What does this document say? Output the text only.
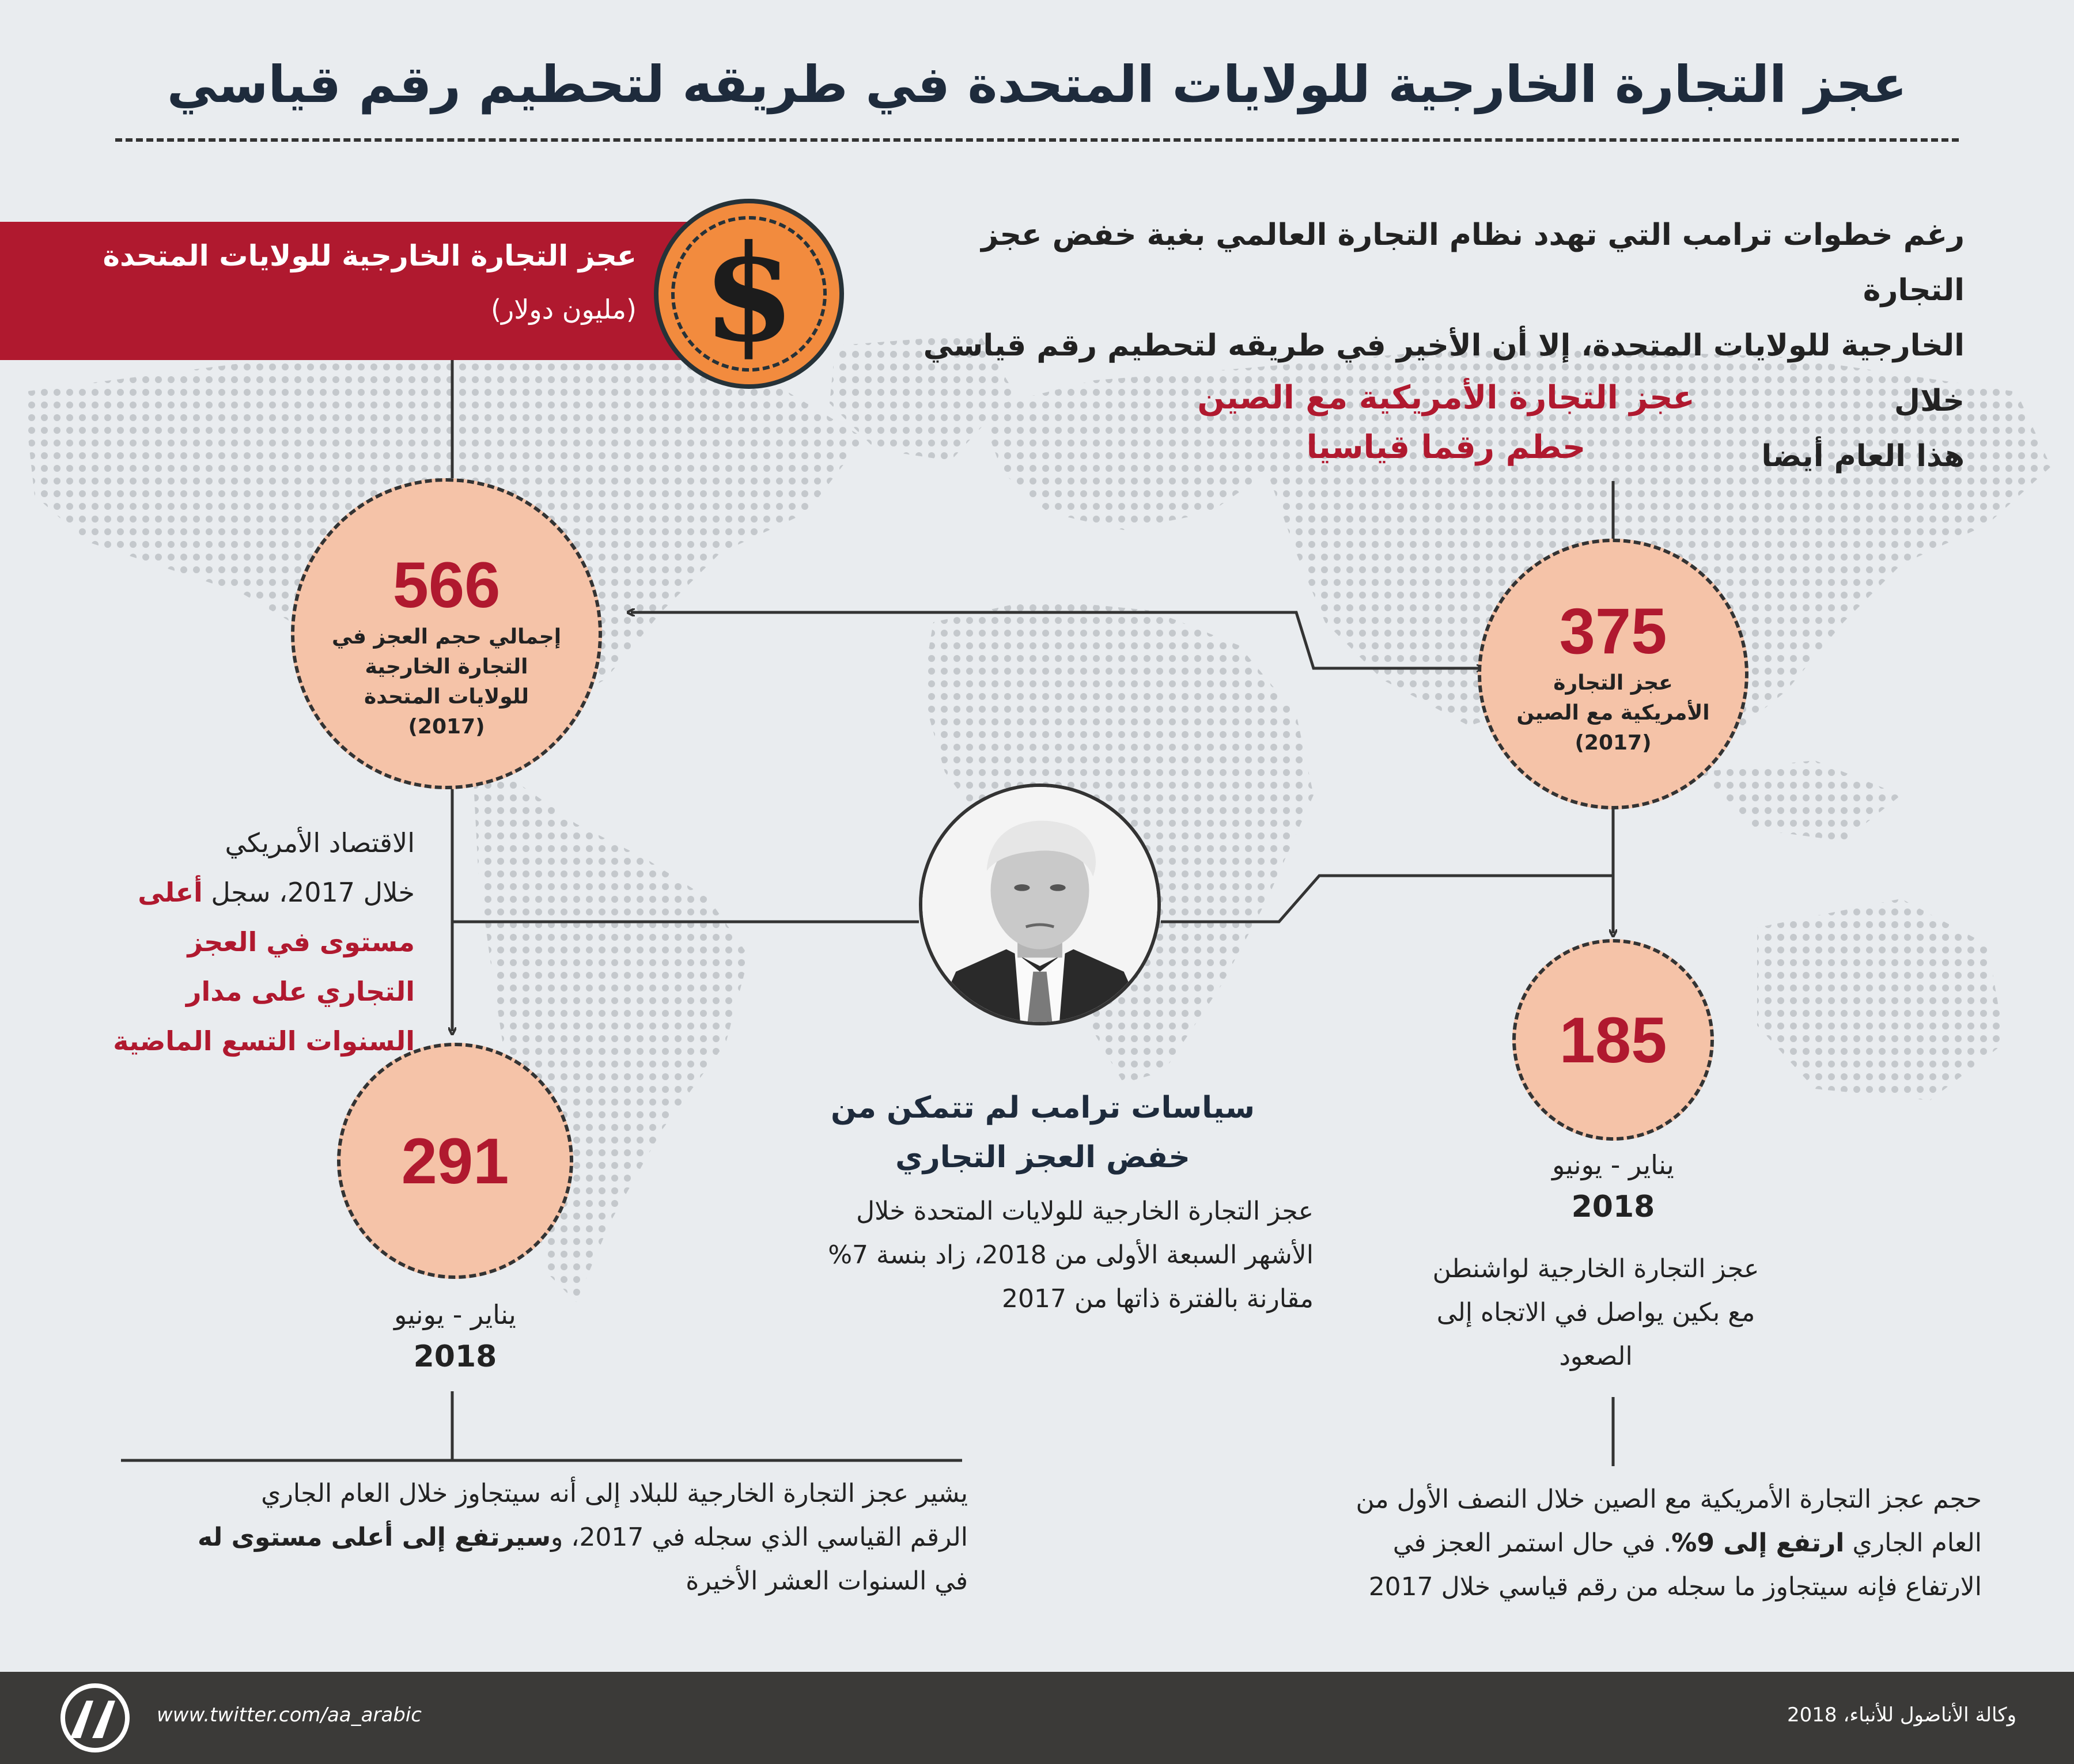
عجز التجارة الخارجية للولايات المتحدة في طريقه لتحطيم رقم قياسي
رغم خطوات ترامب التي تهدد نظام التجارة العالمي بغية خفض عجز التجارة
الخارجية للولايات المتحدة، إلا أن الأخير في طريقه لتحطيم رقم قياسي خلال
هذا العام أيضا
عجز التجارة الخارجية للولايات المتحدة
(مليون دولار) $
566
إجمالي حجم العجز في
التجارة الخارجية
للولايات المتحدة
(2017)
375
عجز التجارة
الأمريكية مع الصين
(2017)
291
يناير - يونيو
2018
185
يناير - يونيو
2018
عجز التجارة الأمريكية مع الصين
حطم رقما قياسيا
الاقتصاد الأمريكي
خلال 2017، سجل أعلى
مستوى في العجز
التجاري على مدار
السنوات التسع الماضية
سياسات ترامب لم تتمكن من
خفض العجز التجاري
عجز التجارة الخارجية للولايات المتحدة خلال
الأشهر السبعة الأولى من 2018، زاد بنسة 7%
مقارنة بالفترة ذاتها من 2017
عجز التجارة الخارجية لواشنطن
مع بكين يواصل في الاتجاه إلى
الصعود
يشير عجز التجارة الخارجية للبلاد إلى أنه سيتجاوز خلال العام الجاري
الرقم القياسي الذي سجله في 2017، وسيرتفع إلى أعلى مستوى له
في السنوات العشر الأخيرة
حجم عجز التجارة الأمريكية مع الصين خلال النصف الأول من
العام الجاري ارتفع إلى 9%. في حال استمر العجز في
الارتفاع فإنه سيتجاوز ما سجله من رقم قياسي خلال 2017
www.twitter.com/aa_arabic	وكالة الأناضول للأنباء، 2018
